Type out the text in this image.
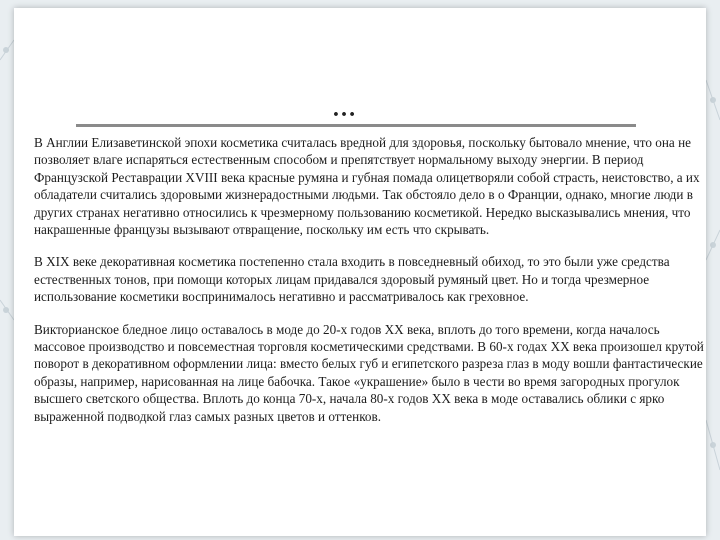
…

В Англии Елизаветинской эпохи косметика считалась вредной для здоровья, поскольку бытовало мнение, что она не позволяет влаге испаряться естественным способом и препятствует нормальному выходу энергии. В период Французской Реставрации XVIII века красные румяна и губная помада олицетворяли собой страсть, неистовство, а их обладатели считались здоровыми жизнерадостными людьми. Так обстояло дело в о Франции, однако, многие люди в других странах негативно относились к чрезмерному пользованию косметикой. Нередко высказывались мнения, что накрашенные французы вызывают отвращение, поскольку им есть что скрывать.

В XIX веке декоративная косметика постепенно стала входить в повседневный обиход, то это были уже средства естественных тонов, при помощи которых лицам придавался здоровый румяный цвет. Но и тогда чрезмерное использование косметики воспринималось негативно и рассматривалось как греховное.

Викторианское бледное лицо оставалось в моде до 20-х годов XX века, вплоть до того времени, когда началось массовое производство и повсеместная торговля косметическими средствами. В 60-х годах XX века произошел крутой поворот в декоративном оформлении лица: вместо белых губ и египетского разреза глаз в моду вошли фантастические образы, например, нарисованная на лице бабочка. Такое «украшение» было в чести во время загородных прогулок высшего светского общества. Вплоть до конца 70-х, начала 80-х годов XX века в моде оставались облики с ярко выраженной подводкой глаз самых разных цветов и оттенков.
